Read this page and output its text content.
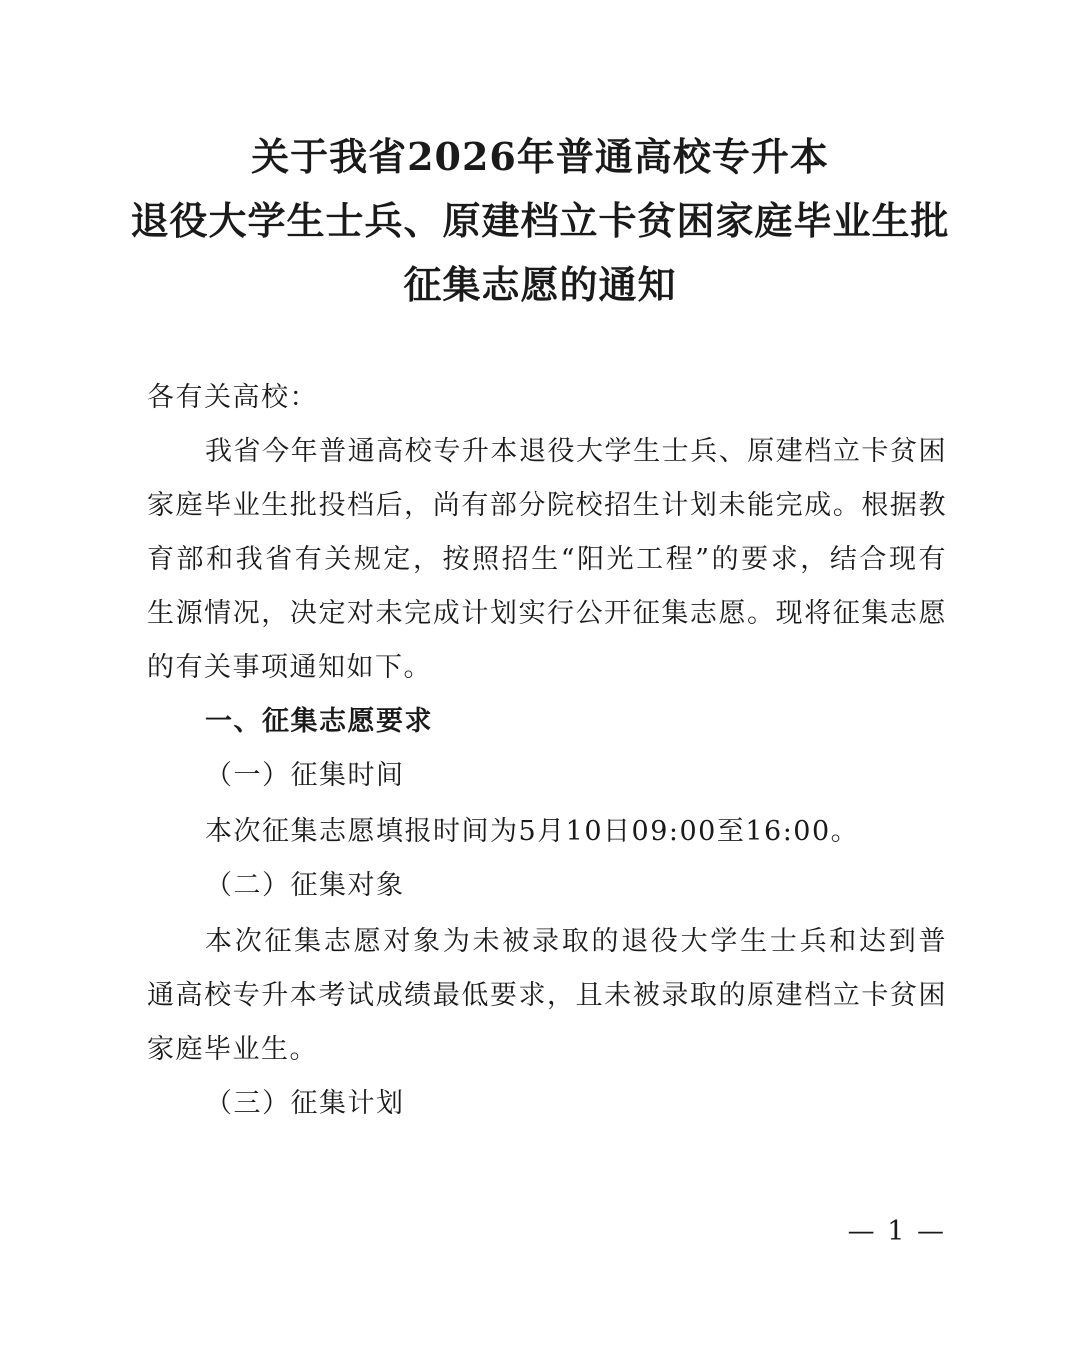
关于我省2026年普通高校专升本
退役大学生士兵、原建档立卡贫困家庭毕业生批
征集志愿的通知
各有关高校：
我省今年普通高校专升本退役大学生士兵、原建档立卡贫困
家庭毕业生批投档后，尚有部分院校招生计划未能完成。根据教
育部和我省有关规定，按照招生“阳光工程”的要求，结合现有
生源情况，决定对未完成计划实行公开征集志愿。现将征集志愿
的有关事项通知如下。
一、征集志愿要求
（一）征集时间
本次征集志愿填报时间为5月10日09:00至16:00。
（二）征集对象
本次征集志愿对象为未被录取的退役大学生士兵和达到普
通高校专升本考试成绩最低要求，且未被录取的原建档立卡贫困
家庭毕业生。
（三）征集计划
— 1 —
